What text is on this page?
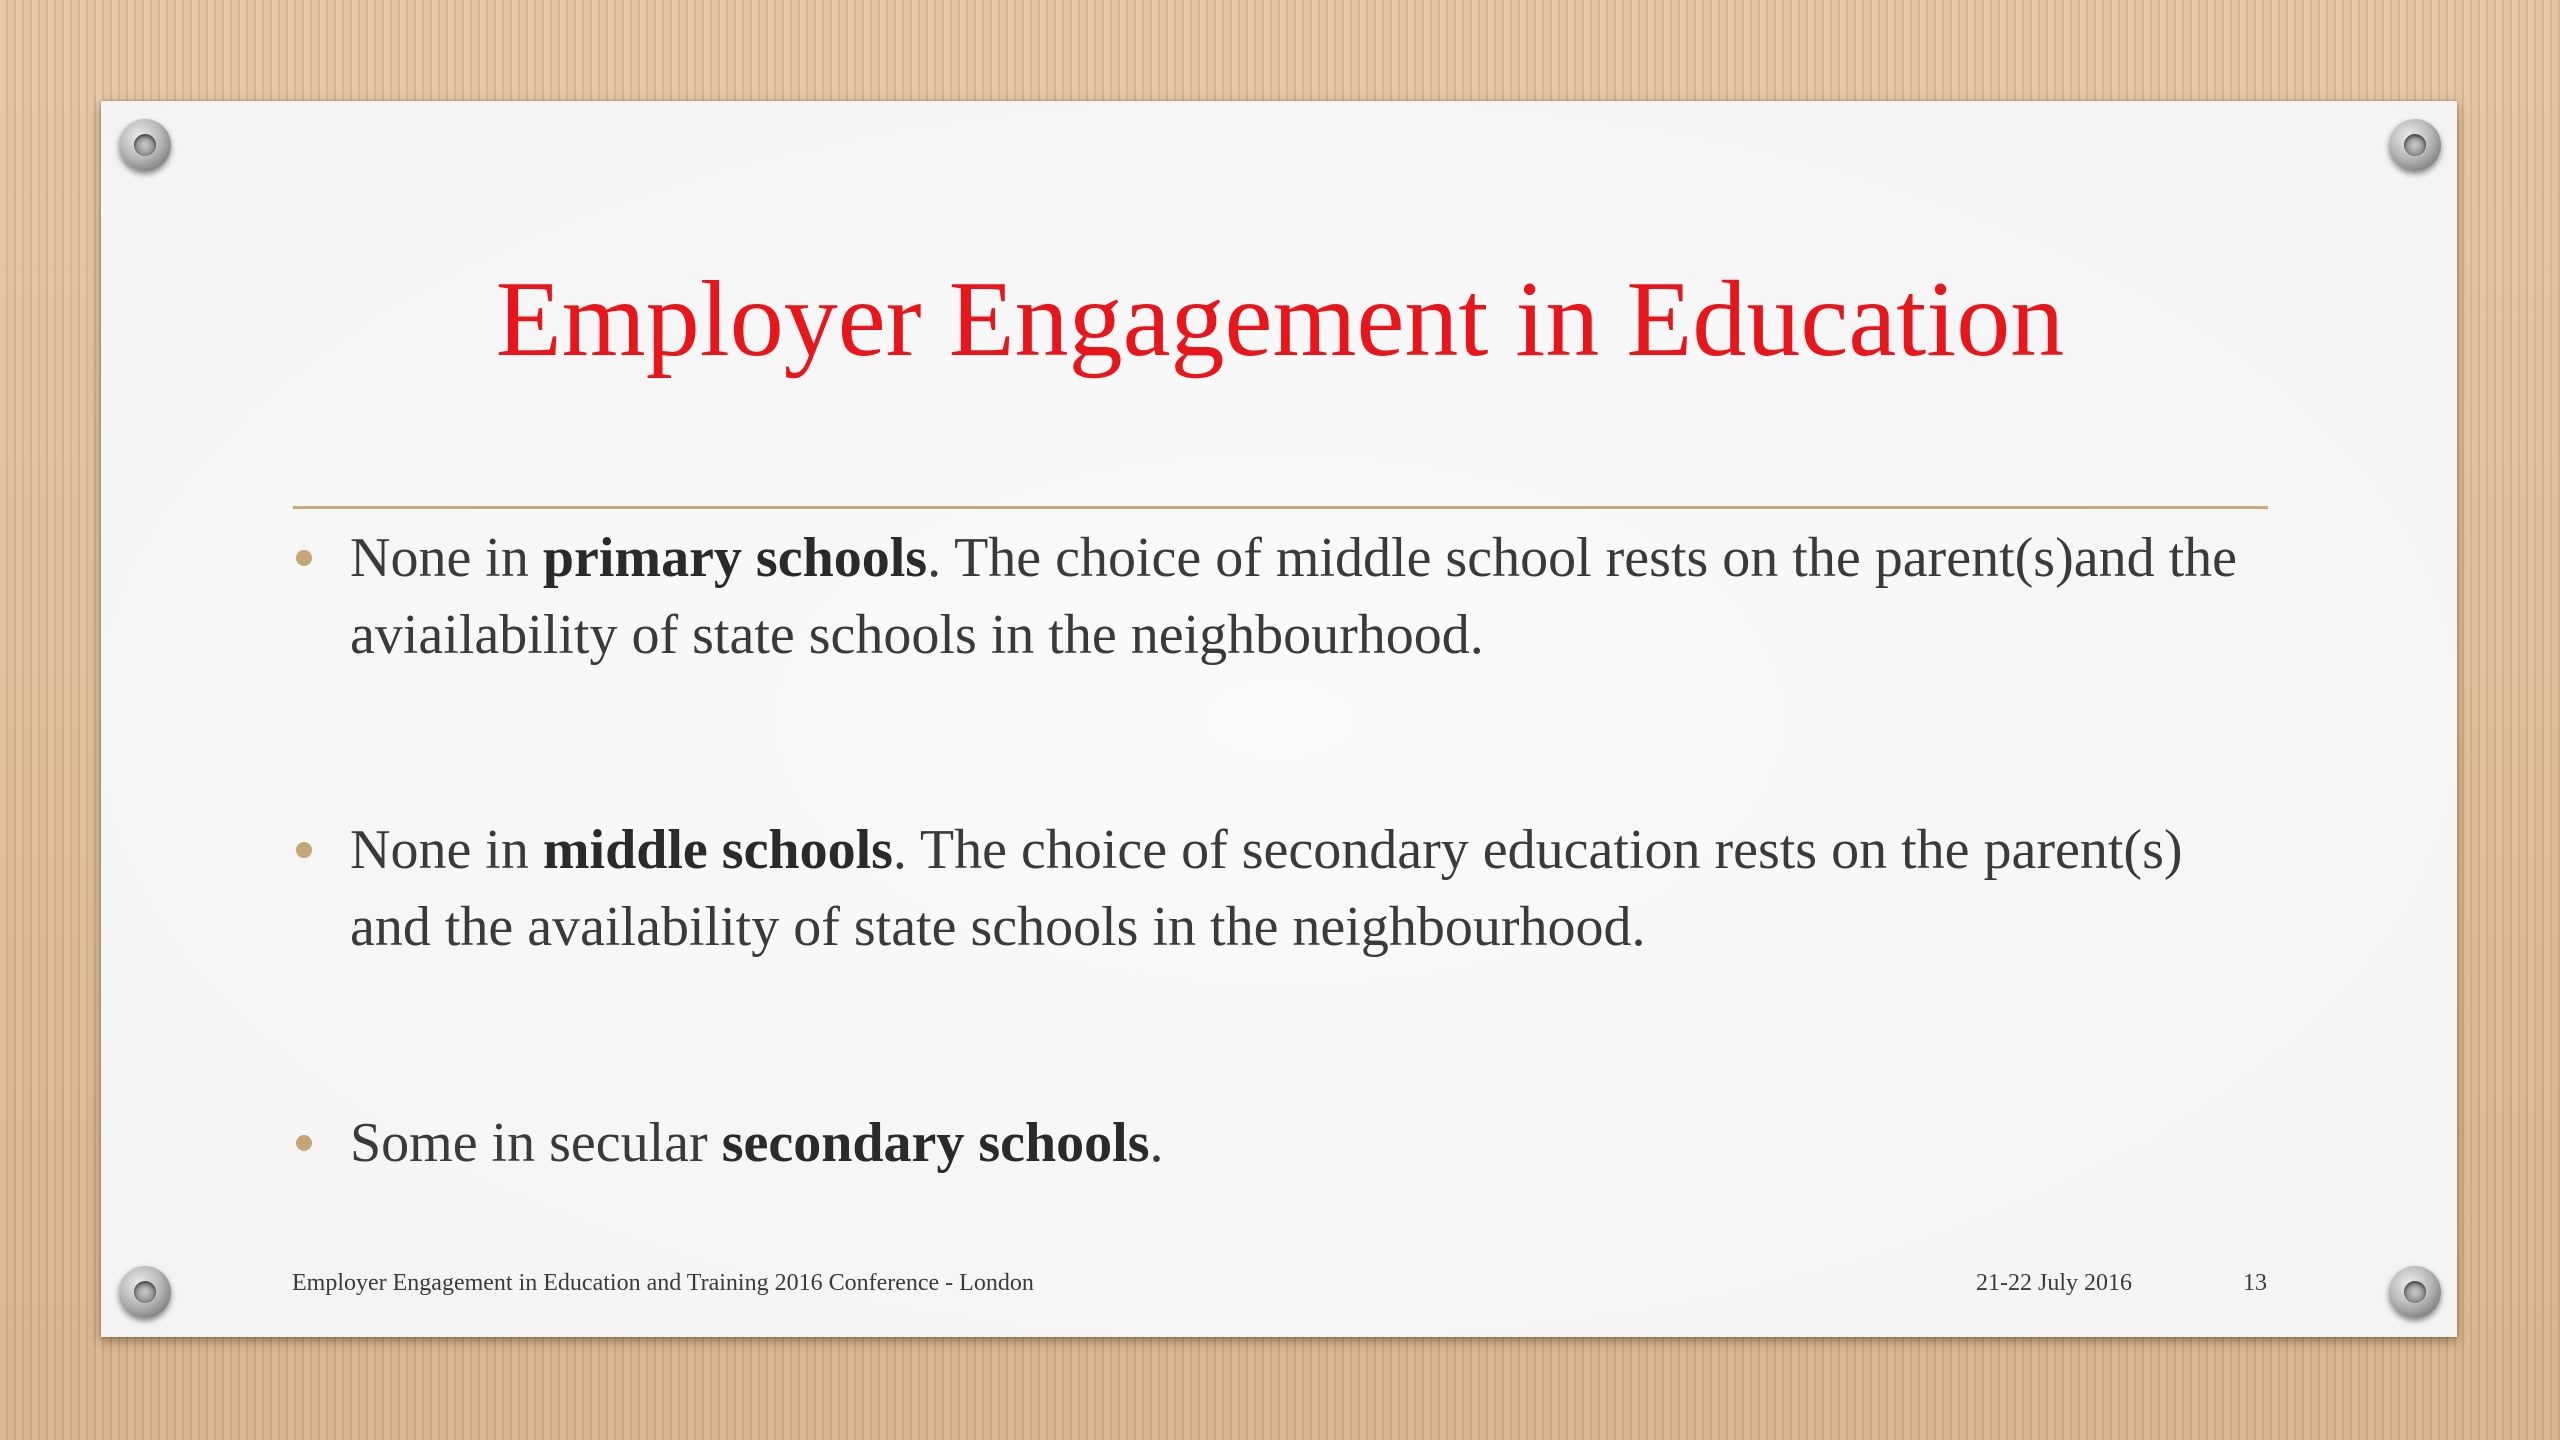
Employer Engagement in Education
None in primary schools. The choice of middle school rests on the parent(s)and the aviailability of state schools in the neighbourhood.
None in middle schools. The choice of secondary education rests on the parent(s) and the availability of state schools in the neighbourhood.
Some in secular secondary schools.
Employer Engagement in Education and Training 2016 Conference - London	21-22 July 2016	13
